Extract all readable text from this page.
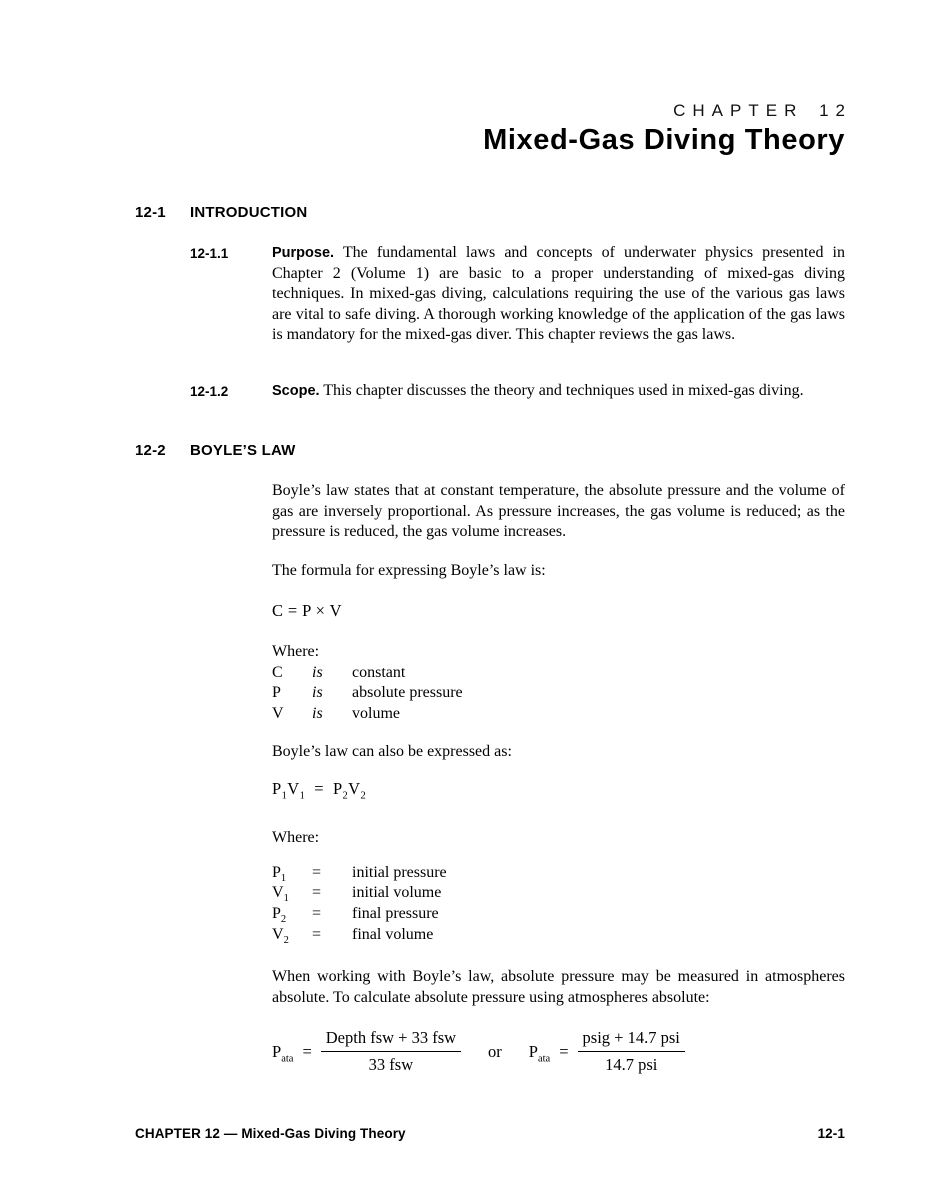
CHAPTER 12
Mixed-Gas Diving Theory
12-1	INTRODUCTION
12-1.1	Purpose. The fundamental laws and concepts of underwater physics presented in Chapter 2 (Volume 1) are basic to a proper understanding of mixed-gas diving techniques. In mixed-gas diving, calculations requiring the use of the various gas laws are vital to safe diving. A thorough working knowledge of the application of the gas laws is mandatory for the mixed-gas diver. This chapter reviews the gas laws.

12-1.2	Scope. This chapter discusses the theory and techniques used in mixed-gas diving.

12-2	BOYLE’S LAW

Boyle’s law states that at constant temperature, the absolute pressure and the volume of gas are inversely proportional. As pressure increases, the gas volume is reduced; as the pressure is reduced, the gas volume increases.

The formula for expressing Boyle’s law is:

C = P × V
Where:
C	is	constant
P	is	absolute pressure
V	is	volume

Boyle’s law can also be expressed as:

$P_1V_1 = P_2V_2$
Where:
$P_1$	=	initial pressure
$V_1$	=	initial volume
$P_2$	=	final pressure
$V_2$	=	final volume

When working with Boyle’s law, absolute pressure may be measured in atmospheres absolute. To calculate absolute pressure using atmospheres absolute:

$P_{ata} = \frac{\text{Depth fsw + 33 fsw}}{\text{33 fsw}}$ or $P_{ata} = \frac{\text{psig + 14.7 psi}}{\text{14.7 psi}}$
CHAPTER 12 — Mixed-Gas Diving Theory	12-1
